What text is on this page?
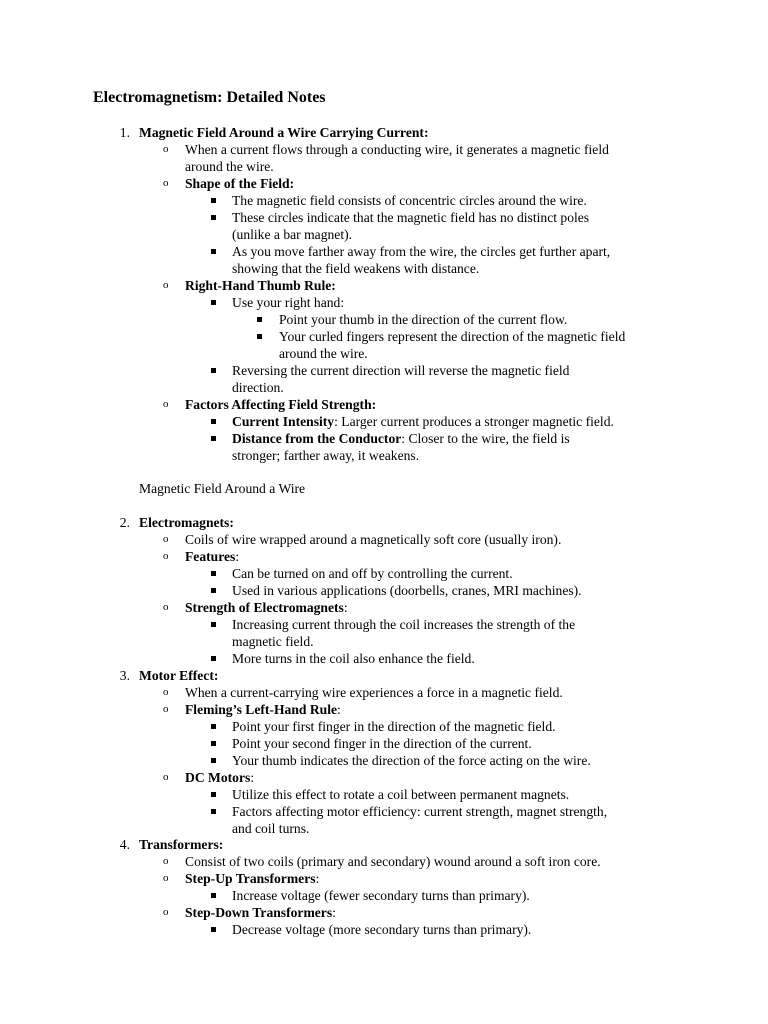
Electromagnetism: Detailed Notes
1. Magnetic Field Around a Wire Carrying Current:
o When a current flows through a conducting wire, it generates a magnetic field
around the wire.
o Shape of the Field:
The magnetic field consists of concentric circles around the wire.
These circles indicate that the magnetic field has no distinct poles
(unlike a bar magnet).
As you move farther away from the wire, the circles get further apart,
showing that the field weakens with distance.
o Right-Hand Thumb Rule:
Use your right hand:
Point your thumb in the direction of the current flow.
Your curled fingers represent the direction of the magnetic field
around the wire.
Reversing the current direction will reverse the magnetic field
direction.
o Factors Affecting Field Strength:
Current Intensity: Larger current produces a stronger magnetic field.
Distance from the Conductor: Closer to the wire, the field is
stronger; farther away, it weakens.
Magnetic Field Around a Wire
2. Electromagnets:
o Coils of wire wrapped around a magnetically soft core (usually iron).
o Features:
Can be turned on and off by controlling the current.
Used in various applications (doorbells, cranes, MRI machines).
o Strength of Electromagnets:
Increasing current through the coil increases the strength of the
magnetic field.
More turns in the coil also enhance the field.
3. Motor Effect:
o When a current-carrying wire experiences a force in a magnetic field.
o Fleming’s Left-Hand Rule:
Point your first finger in the direction of the magnetic field.
Point your second finger in the direction of the current.
Your thumb indicates the direction of the force acting on the wire.
o DC Motors:
Utilize this effect to rotate a coil between permanent magnets.
Factors affecting motor efficiency: current strength, magnet strength,
and coil turns.
4. Transformers:
o Consist of two coils (primary and secondary) wound around a soft iron core.
o Step-Up Transformers:
Increase voltage (fewer secondary turns than primary).
o Step-Down Transformers:
Decrease voltage (more secondary turns than primary).
